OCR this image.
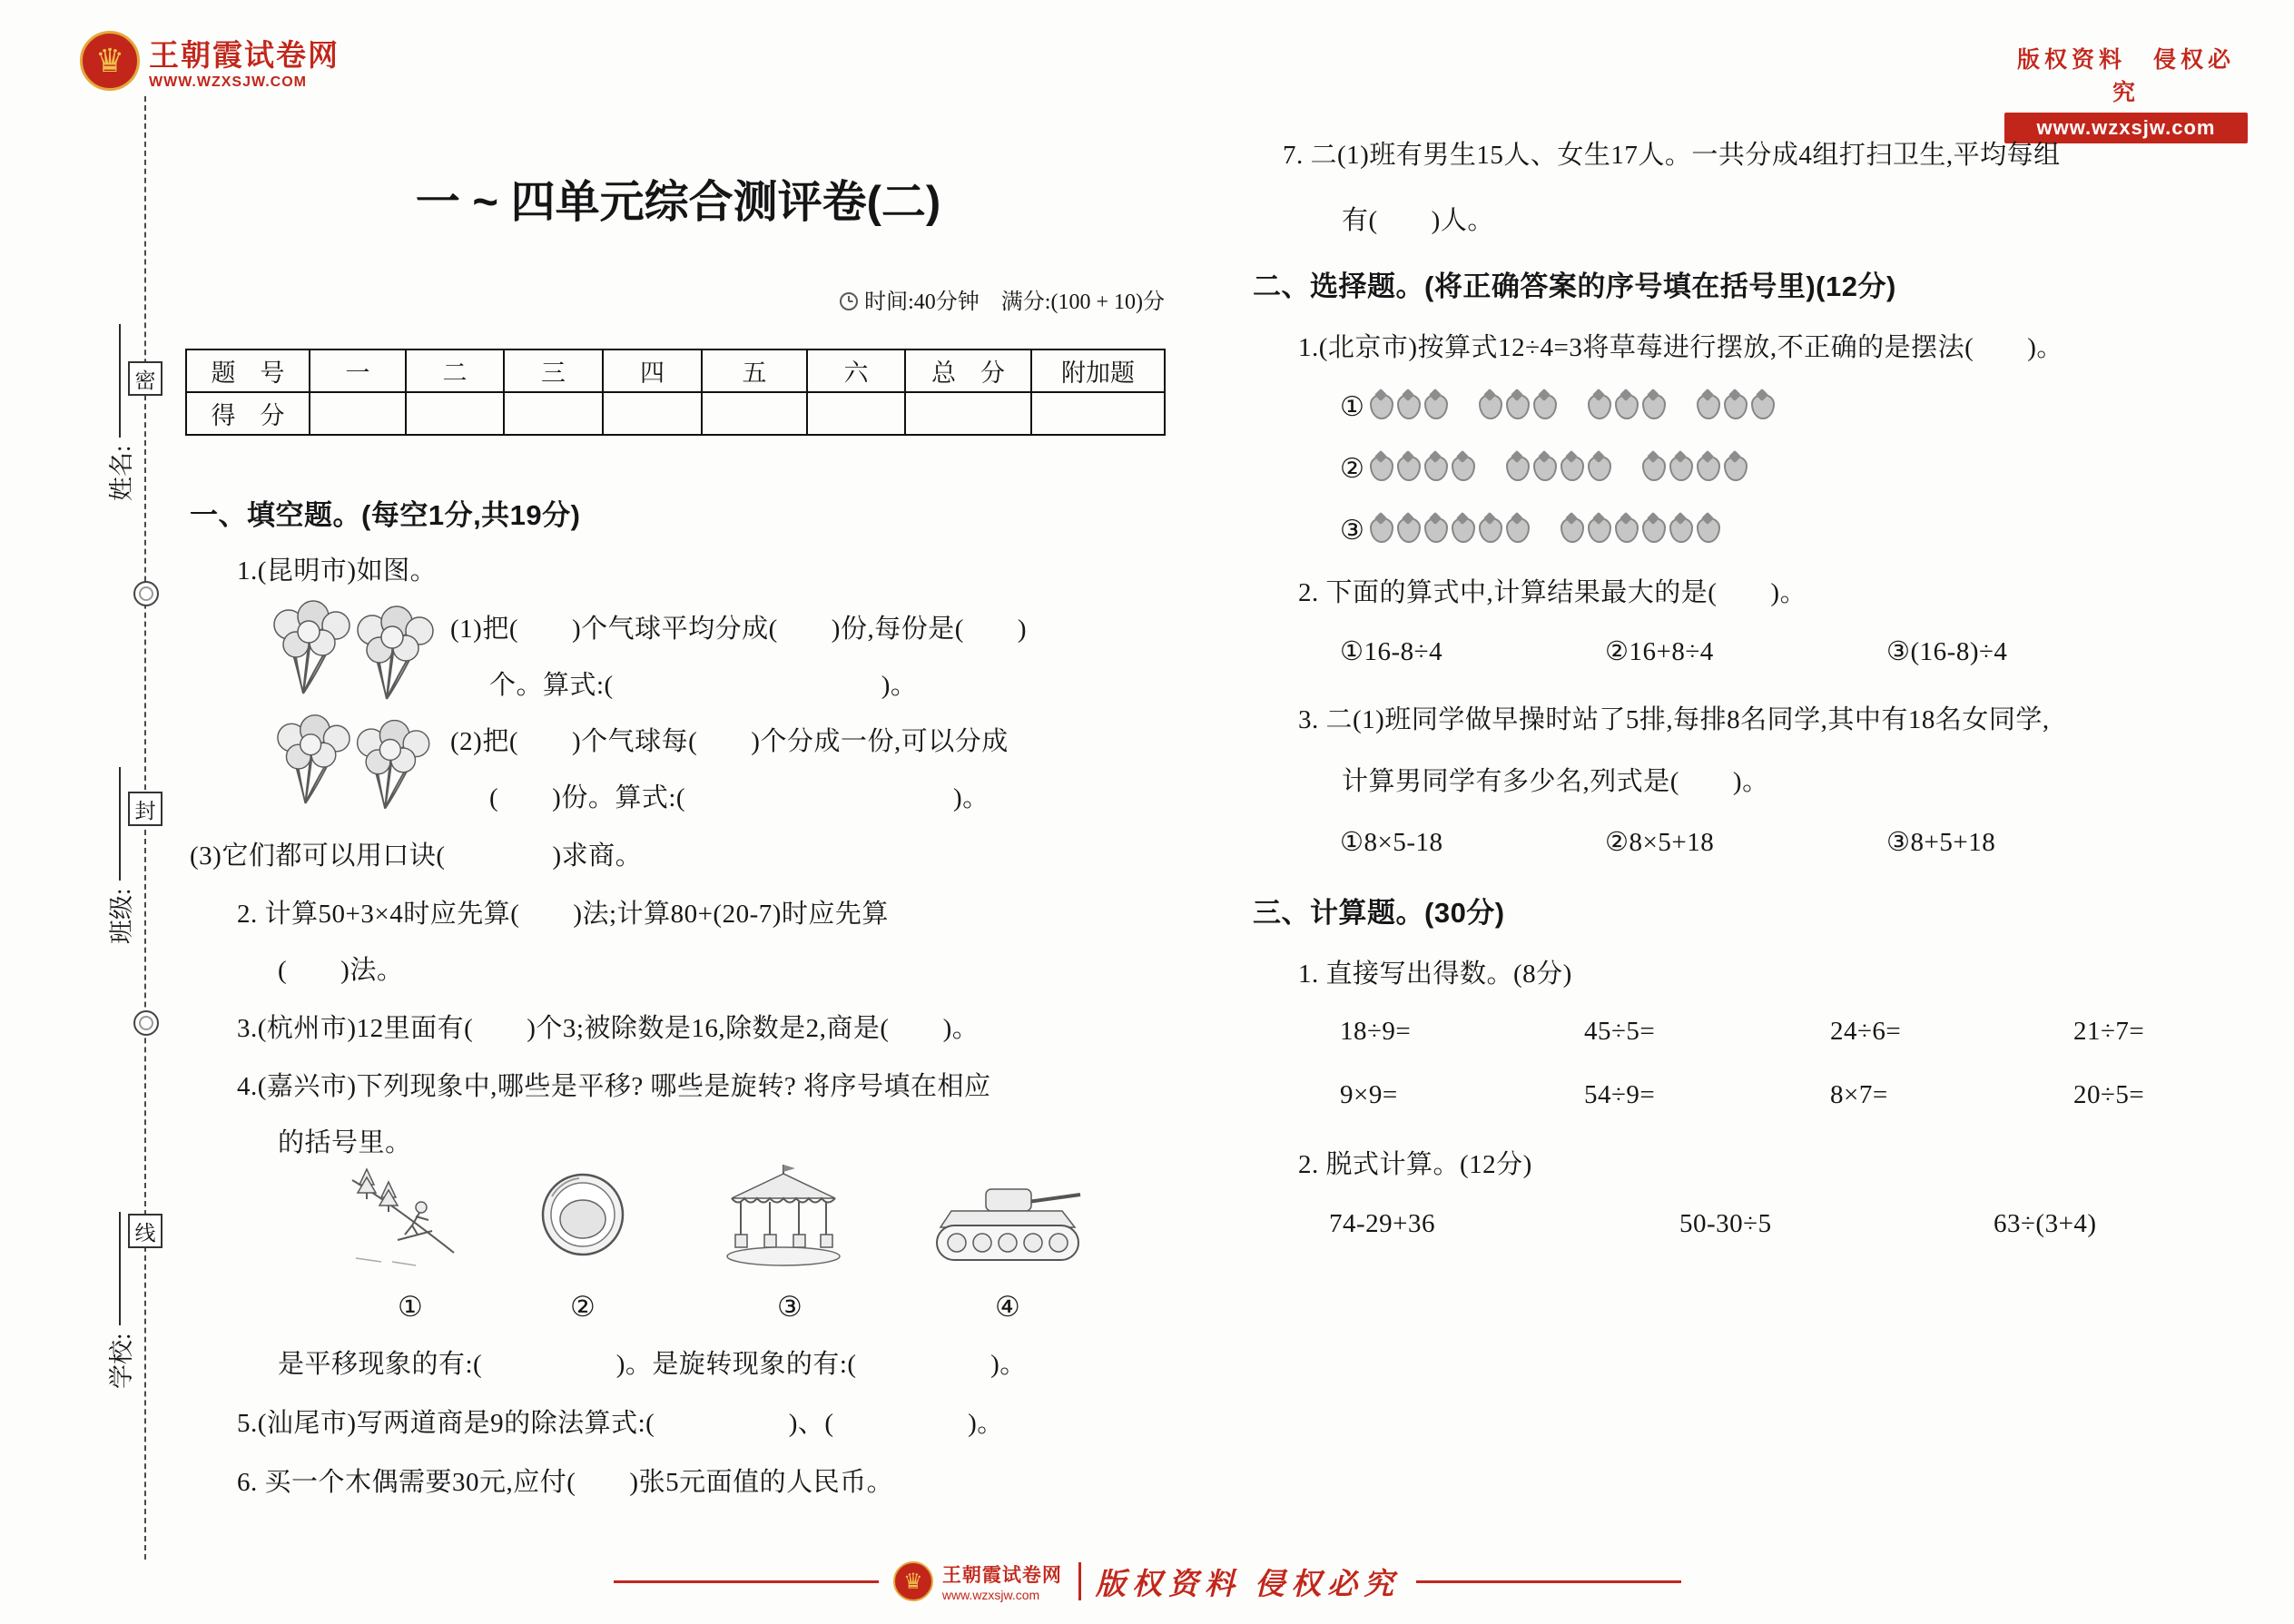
♛ 王朝霞试卷网
WWW.WZXSJW.COM
版权资料　侵权必究
www.wzxsjw.com
姓名:
班级:
学校:
密
封
线
一 ~ 四单元综合测评卷(二)
时间:40分钟　满分:(100 + 10)分
题　号	一	二	三	四	五	六	总　分	附加题
得　分								
一、填空题。(每空1分,共19分)
1.(昆明市)如图。
(1)把(　　)个气球平均分成(　　)份,每份是(　　)
个。算式:(　　　　　　　　　　)。
(2)把(　　)个气球每(　　)个分成一份,可以分成
(　　)份。算式:(　　　　　　　　　　)。
(3)它们都可以用口诀(　　　　)求商。
2. 计算50+3×4时应先算(　　)法;计算80+(20-7)时应先算
(　　)法。
3.(杭州市)12里面有(　　)个3;被除数是16,除数是2,商是(　　)。
4.(嘉兴市)下列现象中,哪些是平移? 哪些是旋转? 将序号填在相应
的括号里。
①	②	③	④
是平移现象的有:(　　　　　)。是旋转现象的有:(　　　　　)。
5.(汕尾市)写两道商是9的除法算式:(　　　　　)、(　　　　　)。
6. 买一个木偶需要30元,应付(　　)张5元面值的人民币。
7. 二(1)班有男生15人、女生17人。一共分成4组打扫卫生,平均每组
有(　　)人。
二、选择题。(将正确答案的序号填在括号里)(12分)
1.(北京市)按算式12÷4=3将草莓进行摆放,不正确的是摆法(　　)。
①
②
③
2. 下面的算式中,计算结果最大的是(　　)。
①16-8÷4	②16+8÷4	③(16-8)÷4
3. 二(1)班同学做早操时站了5排,每排8名同学,其中有18名女同学,
计算男同学有多少名,列式是(　　)。
①8×5-18	②8×5+18	③8+5+18
三、计算题。(30分)
1. 直接写出得数。(8分)
18÷9=	45÷5=	24÷6=	21÷7=
9×9=	54÷9=	8×7=	20÷5=
2. 脱式计算。(12分)
74-29+36	50-30÷5	63÷(3+4)
♛	王朝霞试卷网
www.wzxsjw.com	版权资料 侵权必究
